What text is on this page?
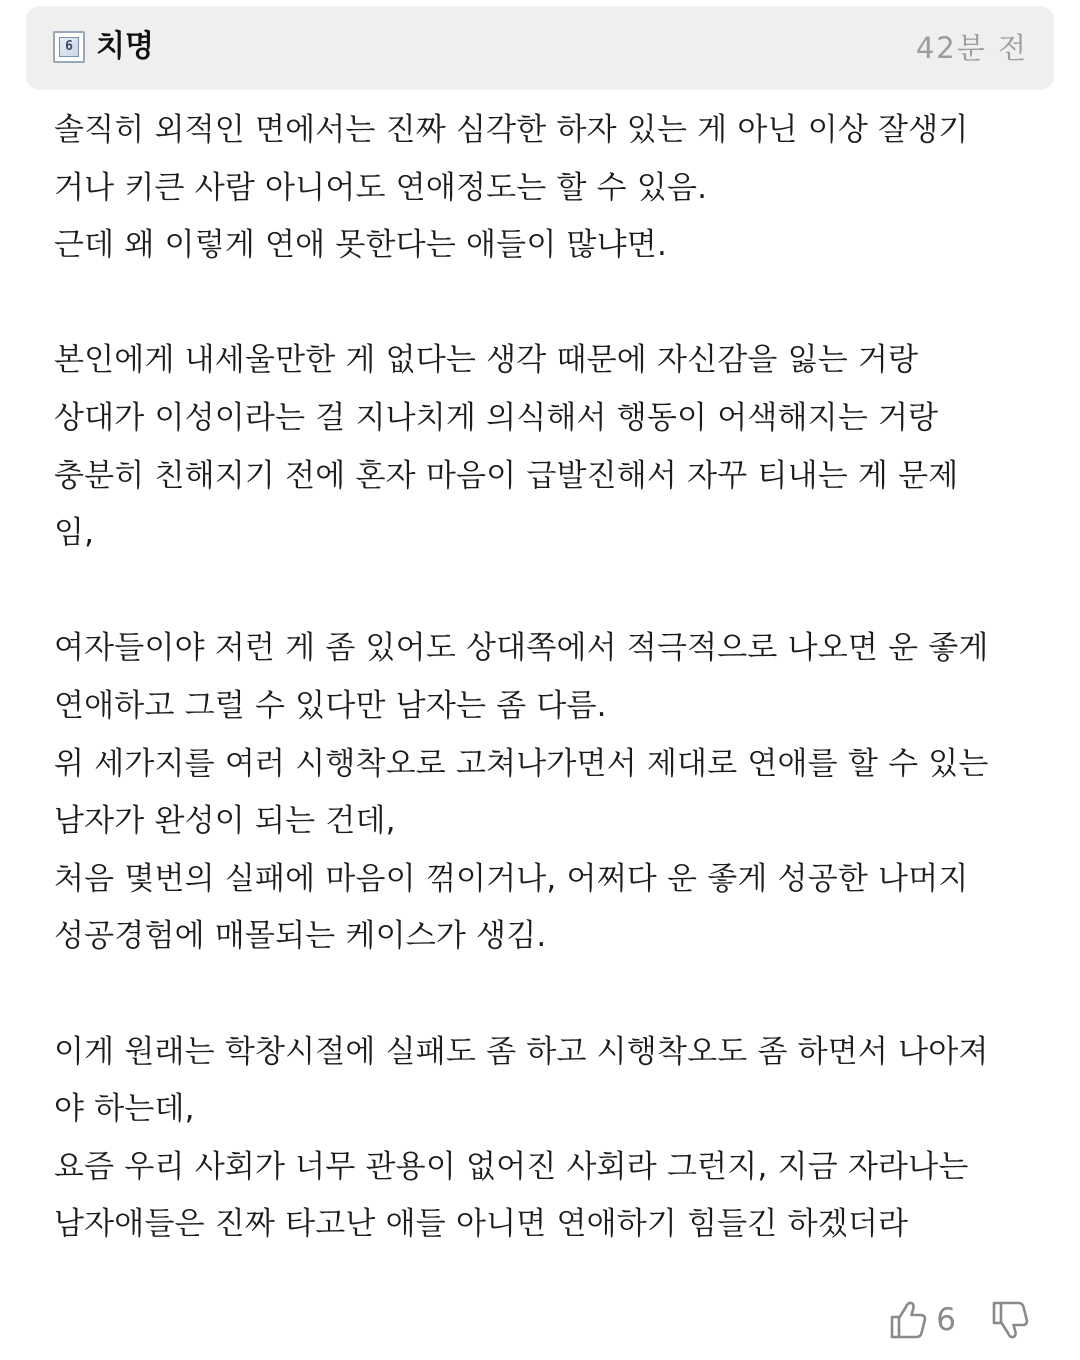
6 치명	42분 전
솔직히 외적인 면에서는 진짜 심각한 하자 있는 게 아닌 이상 잘생기
거나 키큰 사람 아니어도 연애정도는 할 수 있음.
근데 왜 이렇게 연애 못한다는 애들이 많냐면.
본인에게 내세울만한 게 없다는 생각 때문에 자신감을 잃는 거랑
상대가 이성이라는 걸 지나치게 의식해서 행동이 어색해지는 거랑
충분히 친해지기 전에 혼자 마음이 급발진해서 자꾸 티내는 게 문제
임,
여자들이야 저런 게 좀 있어도 상대쪽에서 적극적으로 나오면 운 좋게
연애하고 그럴 수 있다만 남자는 좀 다름.
위 세가지를 여러 시행착오로 고쳐나가면서 제대로 연애를 할 수 있는
남자가 완성이 되는 건데,
처음 몇번의 실패에 마음이 꺾이거나, 어쩌다 운 좋게 성공한 나머지
성공경험에 매몰되는 케이스가 생김.
이게 원래는 학창시절에 실패도 좀 하고 시행착오도 좀 하면서 나아져
야 하는데,
요즘 우리 사회가 너무 관용이 없어진 사회라 그런지, 지금 자라나는
남자애들은 진짜 타고난 애들 아니면 연애하기 힘들긴 하겠더라
6
